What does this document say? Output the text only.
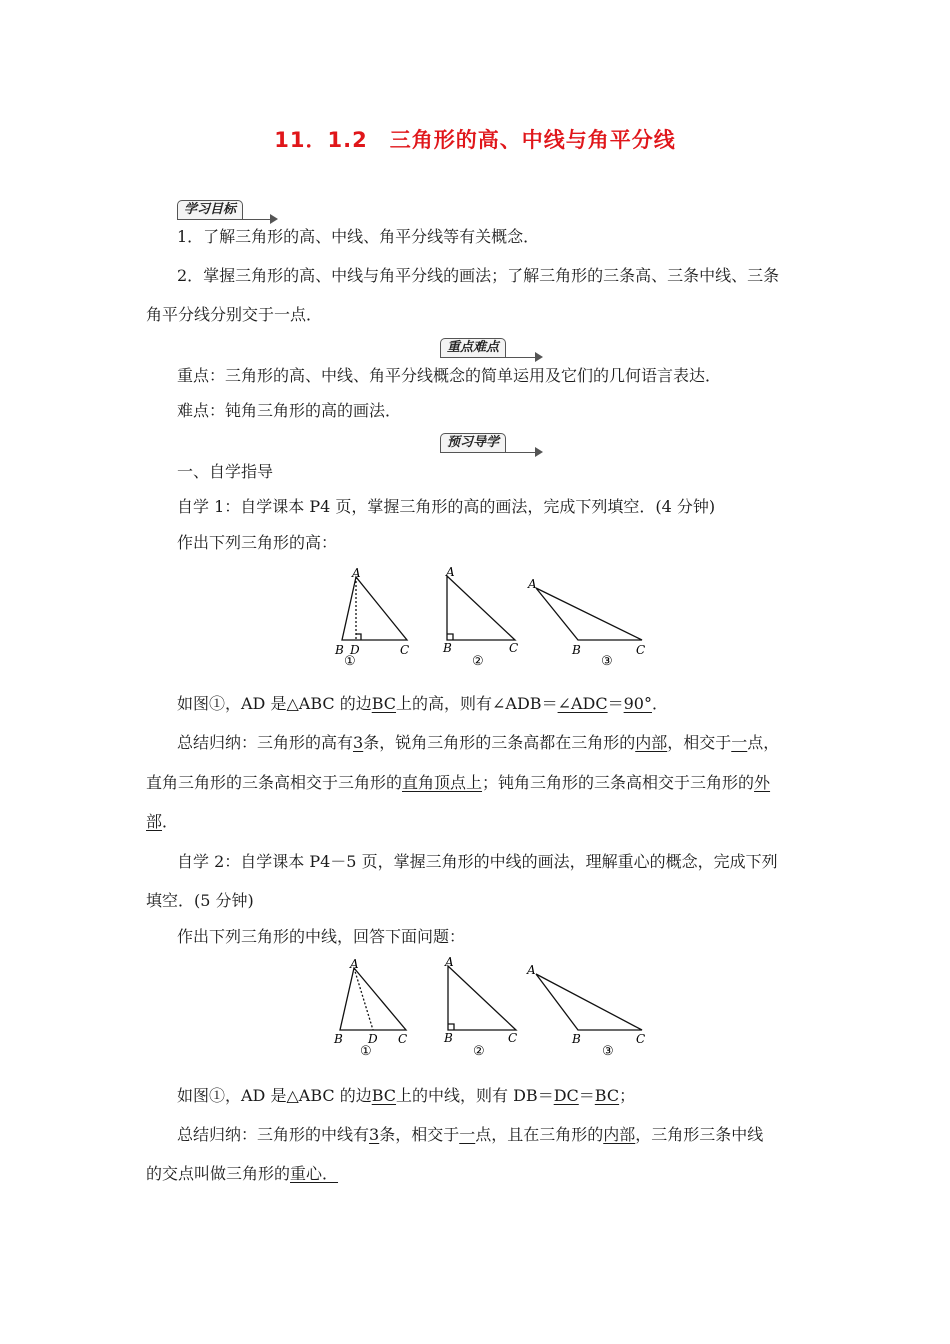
11．1.2　三角形的高、中线与角平分线
学习目标
1．了解三角形的高、中线、角平分线等有关概念．
2．掌握三角形的高、中线与角平分线的画法；了解三角形的三条高、三条中线、三条
角平分线分别交于一点．
重点难点
重点：三角形的高、中线、角平分线概念的简单运用及它们的几何语言表达．
难点：钝角三角形的高的画法．
预习导学
一、自学指导
自学 1：自学课本 P4 页，掌握三角形的高的画法，完成下列填空．(4 分钟)
作出下列三角形的高：
A
B D	C
①
A
B	C
②
A
B	C
③
如图①，AD 是△ABC 的边BC上的高，则有∠ADB＝∠ADC＝90°．
总结归纳：三角形的高有3条，锐角三角形的三条高都在三角形的内部，相交于一点，
直角三角形的三条高相交于三角形的直角顶点上；钝角三角形的三条高相交于三角形的外
部．
自学 2：自学课本 P4－5 页，掌握三角形的中线的画法，理解重心的概念，完成下列
填空．(5 分钟)
作出下列三角形的中线，回答下面问题：
A
B D C
①
A
B	C
②
A
B	C
③
如图①，AD 是△ABC 的边BC上的中线，则有 DB＝DC＝BC；
总结归纳：三角形的中线有3条，相交于一点，且在三角形的内部，三角形三条中线
的交点叫做三角形的重心．
